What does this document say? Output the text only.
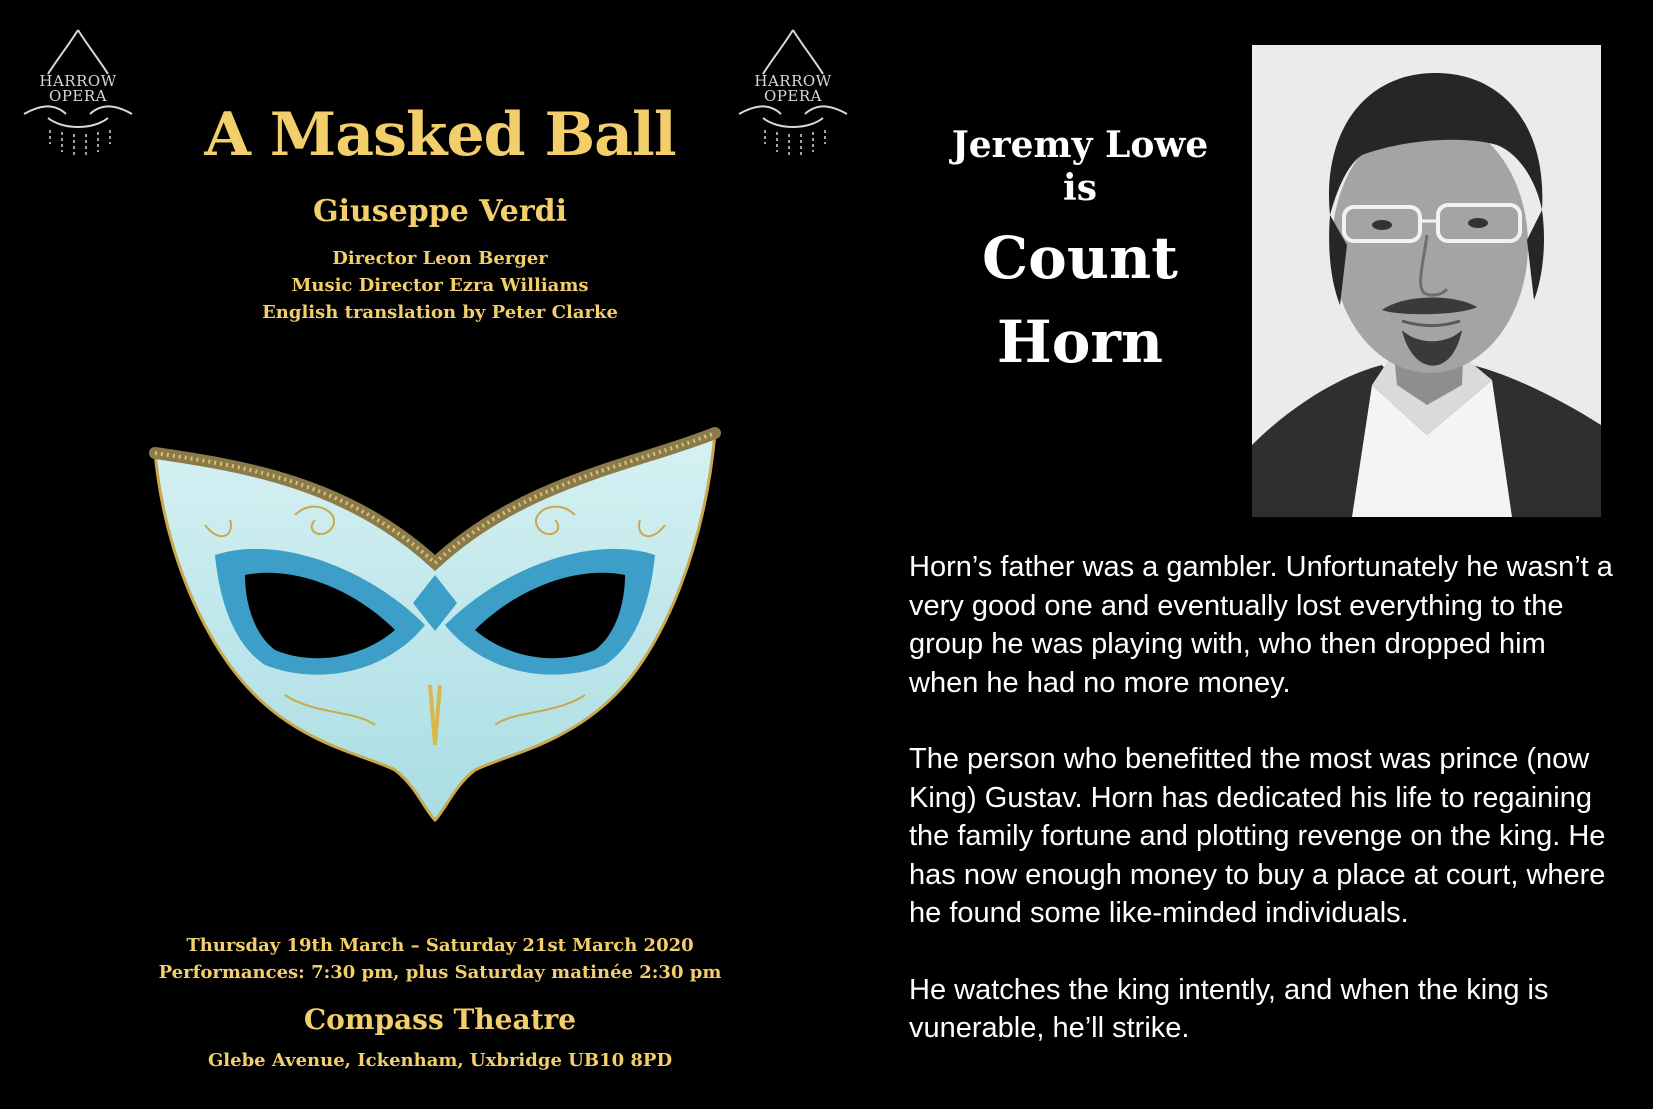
HARROW
OPERA
HARROW
OPERA
A Masked Ball
Giuseppe Verdi
Director Leon Berger
Music Director Ezra Williams
English translation by Peter Clarke
Thursday 19th March – Saturday 21st March 2020
Performances: 7:30 pm, plus Saturday matinée 2:30 pm
Compass Theatre
Glebe Avenue, Ickenham, Uxbridge UB10 8PD
Jeremy Lowe
is
Count
Horn

Horn’s father was a gambler. Unfortunately he wasn’t a very good one and eventually lost everything to the group he was playing with, who then dropped him when he had no more money.

The person who benefitted the most was prince (now King) Gustav. Horn has dedicated his life to regaining the family fortune and plotting revenge on the king. He has now enough money to buy a place at court, where he found some like-minded individuals.

He watches the king intently, and when the king is vunerable, he’ll strike.
